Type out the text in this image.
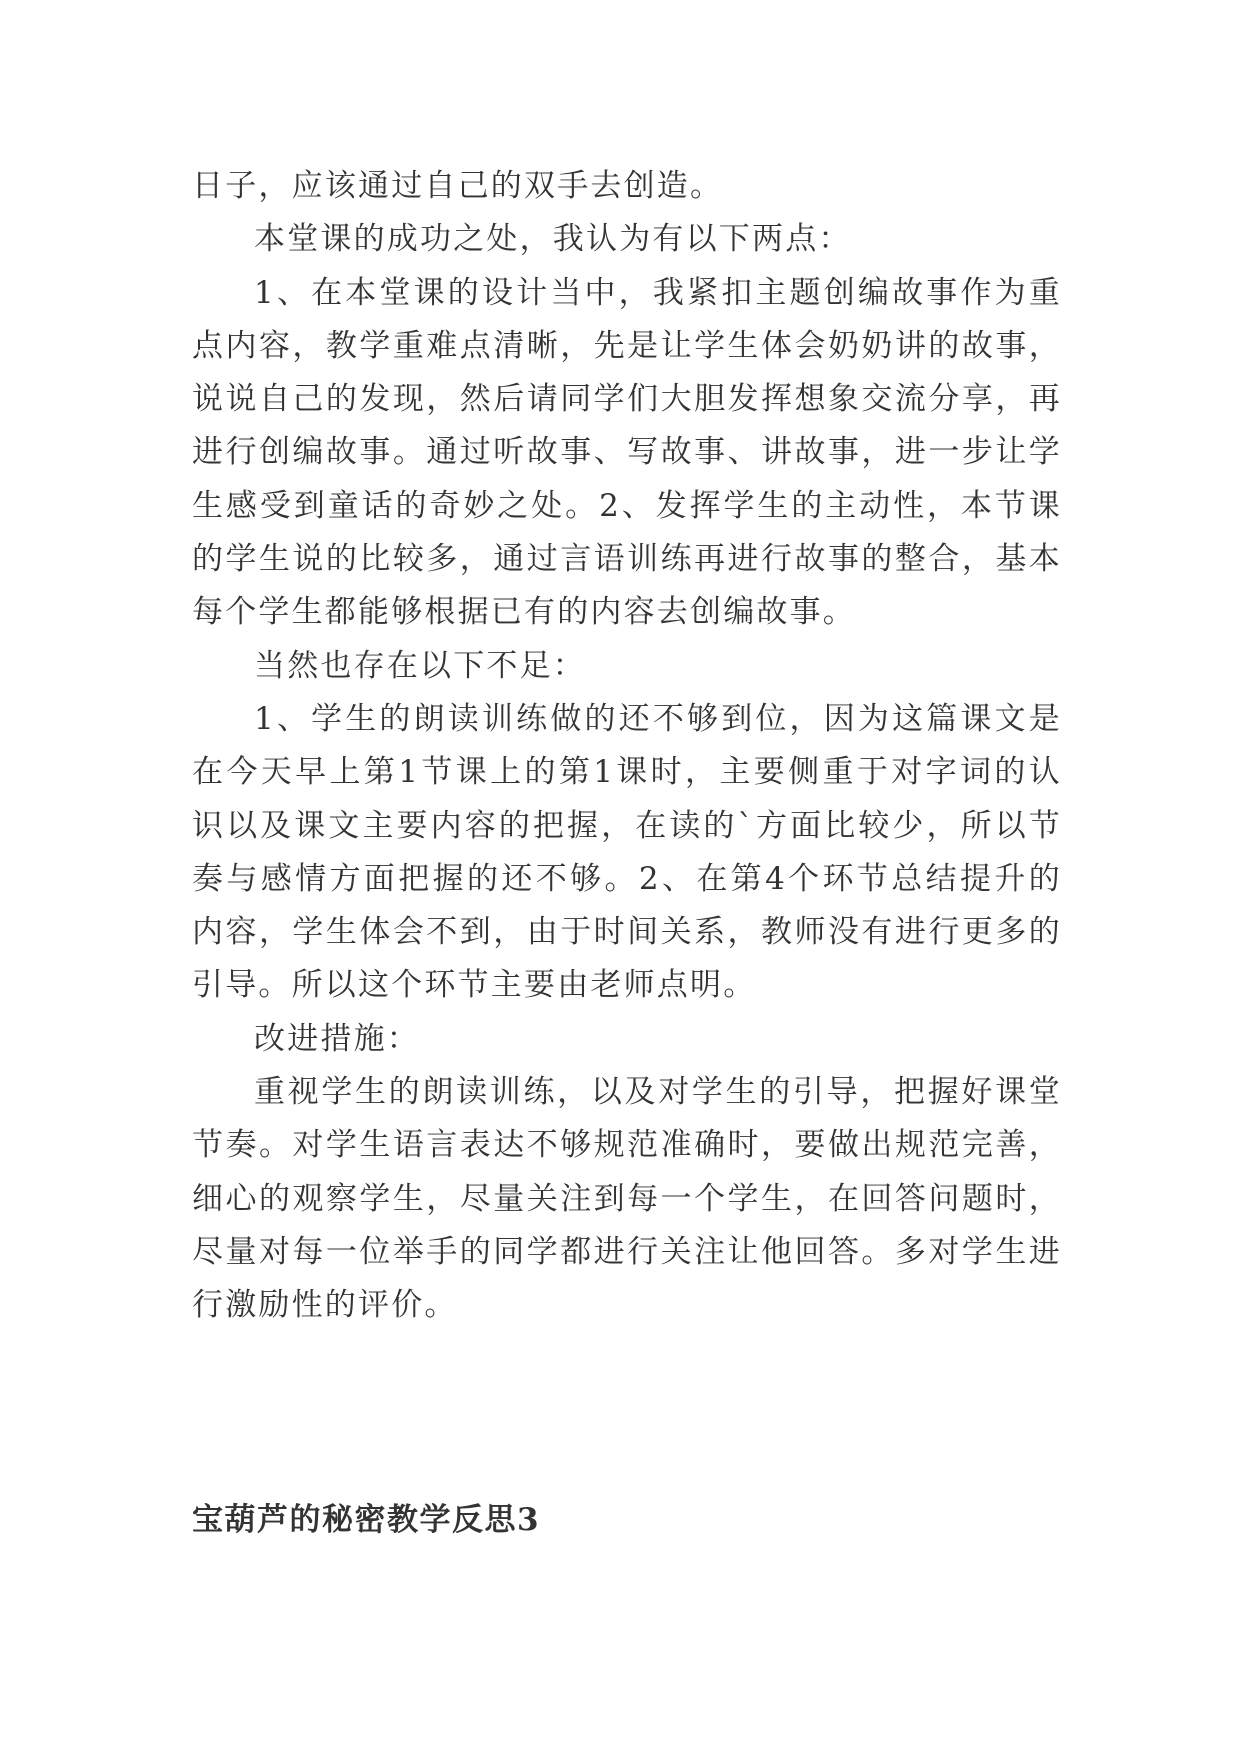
日子，应该通过自己的双手去创造。

本堂课的成功之处，我认为有以下两点：

1、在本堂课的设计当中，我紧扣主题创编故事作为重点内容，教学重难点清晰，先是让学生体会奶奶讲的故事，说说自己的发现，然后请同学们大胆发挥想象交流分享，再进行创编故事。通过听故事、写故事、讲故事，进一步让学生感受到童话的奇妙之处。2、发挥学生的主动性，本节课的学生说的比较多，通过言语训练再进行故事的整合，基本每个学生都能够根据已有的内容去创编故事。

当然也存在以下不足：

1、学生的朗读训练做的还不够到位，因为这篇课文是在今天早上第1节课上的第1课时，主要侧重于对字词的认识以及课文主要内容的把握，在读的`方面比较少，所以节奏与感情方面把握的还不够。2、在第4个环节总结提升的内容，学生体会不到，由于时间关系，教师没有进行更多的引导。所以这个环节主要由老师点明。

改进措施：

重视学生的朗读训练，以及对学生的引导，把握好课堂节奏。对学生语言表达不够规范准确时，要做出规范完善，细心的观察学生，尽量关注到每一个学生，在回答问题时，尽量对每一位举手的同学都进行关注让他回答。多对学生进行激励性的评价。

宝葫芦的秘密教学反思3
